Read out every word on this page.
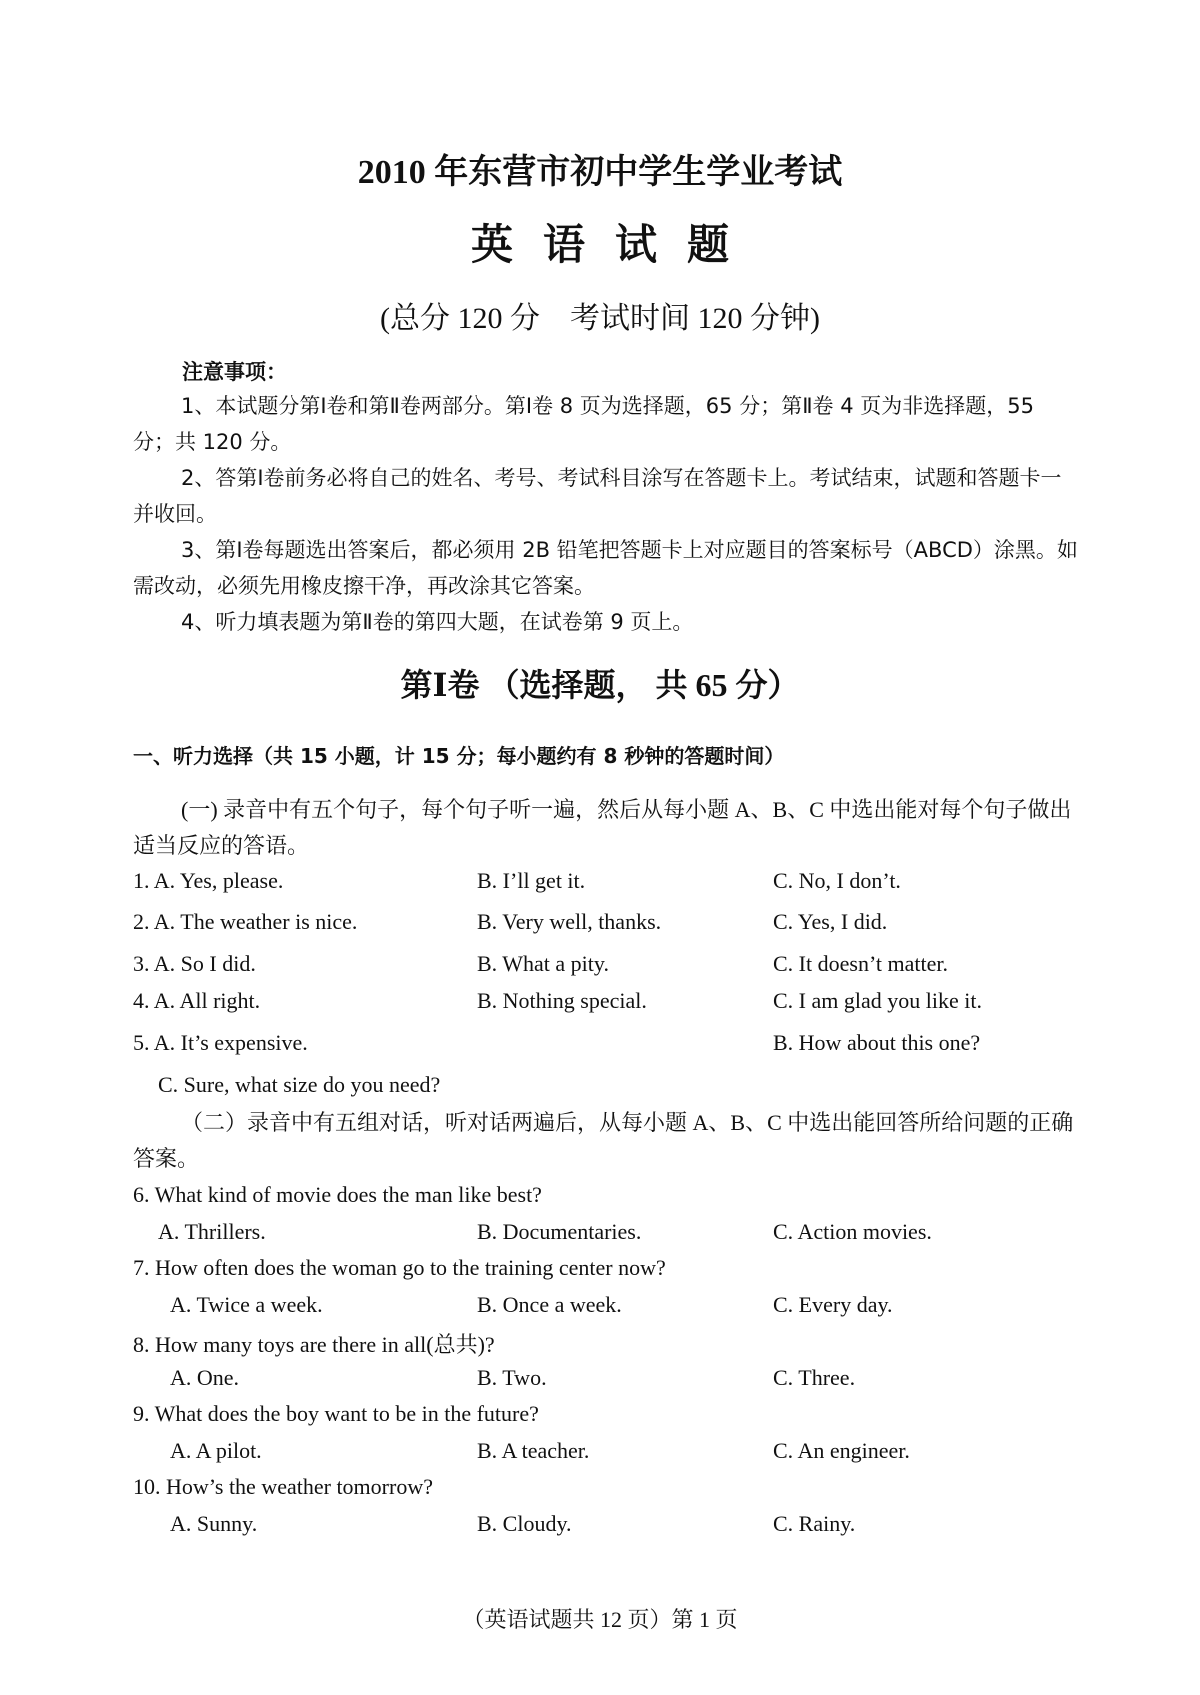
2010 年东营市初中学生学业考试
英语试题
(总分 120 分　考试时间 120 分钟)
注意事项：
1、本试题分第Ⅰ卷和第Ⅱ卷两部分。第Ⅰ卷 8 页为选择题，65 分；第Ⅱ卷 4 页为非选择题，55 分；共 120 分。
2、答第Ⅰ卷前务必将自己的姓名、考号、考试科目涂写在答题卡上。考试结束，试题和答题卡一并收回。
3、第Ⅰ卷每题选出答案后，都必须用 2B 铅笔把答题卡上对应题目的答案标号（ABCD）涂黑。如需改动，必须先用橡皮擦干净，再改涂其它答案。
4、听力填表题为第Ⅱ卷的第四大题，在试卷第 9 页上。
第Ⅰ卷 （选择题， 共 65 分）
一、听力选择（共 15 小题，计 15 分；每小题约有 8 秒钟的答题时间）
(一) 录音中有五个句子，每个句子听一遍，然后从每小题 A、B、C 中选出能对每个句子做出适当反应的答语。
1. A. Yes, please.	B. I’ll get it.	C. No, I don’t.
2. A. The weather is nice.	B. Very well, thanks.	C. Yes, I did.
3. A. So I did.	B. What a pity.	C. It doesn’t matter.
4. A. All right.	B. Nothing special.	C. I am glad you like it.
5. A. It’s expensive.	B. How about this one?
C. Sure, what size do you need?
（二）录音中有五组对话，听对话两遍后，从每小题 A、B、C 中选出能回答所给问题的正确答案。
6. What kind of movie does the man like best?
A. Thrillers.	B. Documentaries.	C. Action movies.
7. How often does the woman go to the training center now?
A. Twice a week.	B. Once a week.	C. Every day.
8. How many toys are there in all(总共)?
A. One.	B. Two.	C. Three.
9. What does the boy want to be in the future?
A. A pilot.	B. A teacher.	C. An engineer.
10. How’s the weather tomorrow?
A. Sunny.	B. Cloudy.	C. Rainy.
（英语试题共 12 页）第 1 页
